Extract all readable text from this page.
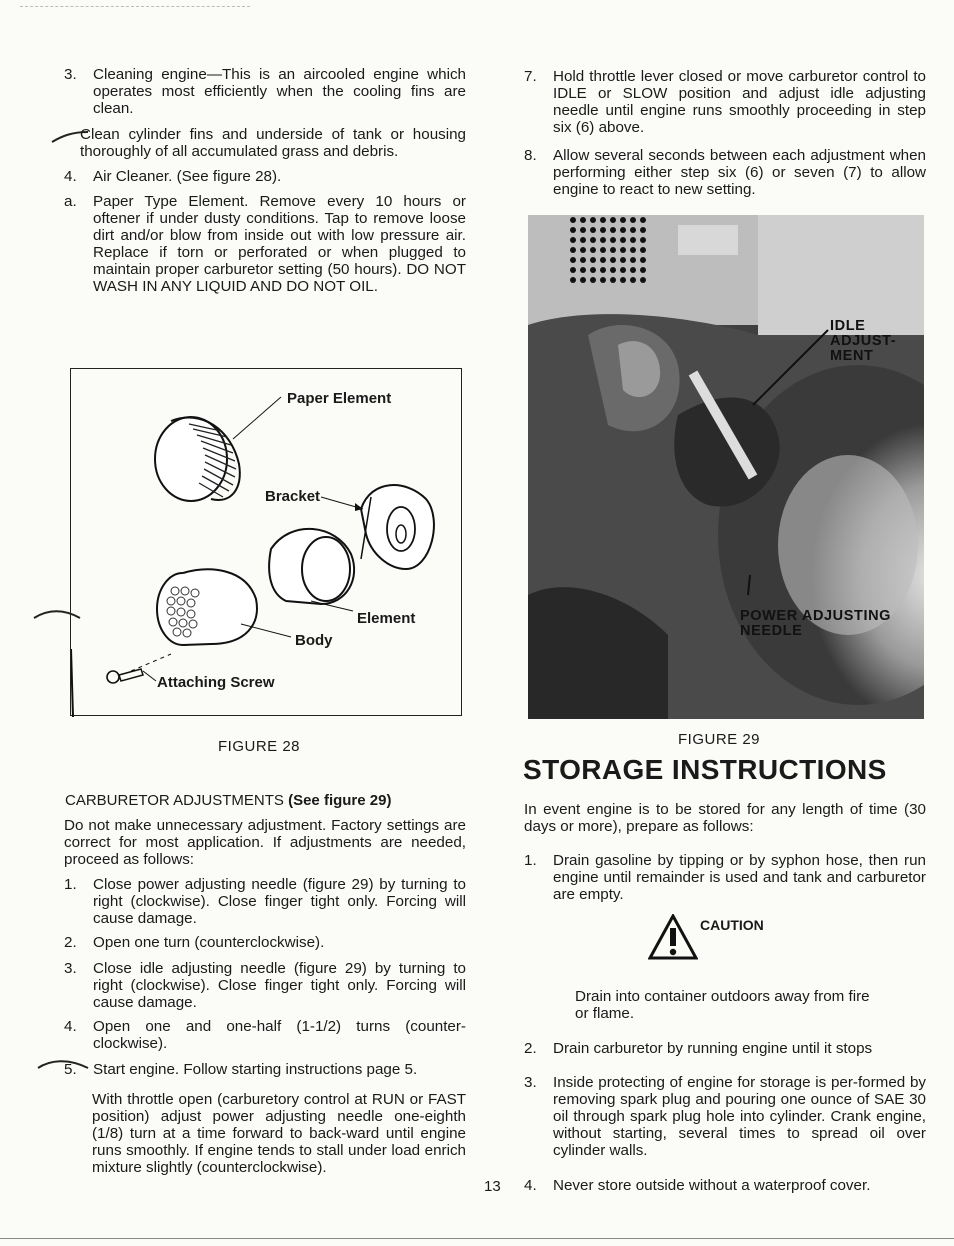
3.	Cleaning engine—This is an aircooled engine which operates most efficiently when the cooling fins are clean.
Clean cylinder fins and underside of tank or housing thoroughly of all accumulated grass and debris.
4.	Air Cleaner. (See figure 28).
a.	Paper Type Element. Remove every 10 hours or oftener if under dusty conditions. Tap to remove loose dirt and/or blow from inside out with low pressure air. Replace if torn or perforated or when plugged to maintain proper carburetor setting (50 hours). DO NOT WASH IN ANY LIQUID AND DO NOT OIL.
Paper Element
Bracket
Element
Body
Attaching Screw
FIGURE 28
CARBURETOR ADJUSTMENTS (See figure 29)
Do not make unnecessary adjustment. Factory settings are correct for most application. If adjustments are needed, proceed as follows:
1.	Close power adjusting needle (figure 29) by turning to right (clockwise). Close finger tight only. Forcing will cause damage.
2.	Open one turn (counterclockwise).
3.	Close idle adjusting needle (figure 29) by turning to right (clockwise). Close finger tight only. Forcing will cause damage.
4.	Open one and one-half (1-1/2) turns (counter-clockwise).
5.	Start engine. Follow starting instructions page 5.
With throttle open (carburetory control at RUN or FAST position) adjust power adjusting needle one-eighth (1/8) turn at a time forward to back-ward until engine runs smoothly. If engine tends to stall under load enrich mixture slightly (counterclockwise).
13
7.	Hold throttle lever closed or move carburetor control to IDLE or SLOW position and adjust idle adjusting needle until engine runs smoothly proceeding in step six (6) above.
8.	Allow several seconds between each adjustment when performing either step six (6) or seven (7) to allow engine to react to new setting.
IDLE
ADJUST-
MENT
POWER ADJUSTING
NEEDLE
FIGURE 29
STORAGE INSTRUCTIONS
In event engine is to be stored for any length of time (30 days or more), prepare as follows:
1.	Drain gasoline by tipping or by syphon hose, then run engine until remainder is used and tank and carburetor are empty.
CAUTION
Drain into container outdoors away from fire or flame.
2.	Drain carburetor by running engine until it stops
3.	Inside protecting of engine for storage is per-formed by removing spark plug and pouring one ounce of SAE 30 oil through spark plug hole into cylinder. Crank engine, without starting, several times to spread oil over cylinder walls.
4.	Never store outside without a waterproof cover.
